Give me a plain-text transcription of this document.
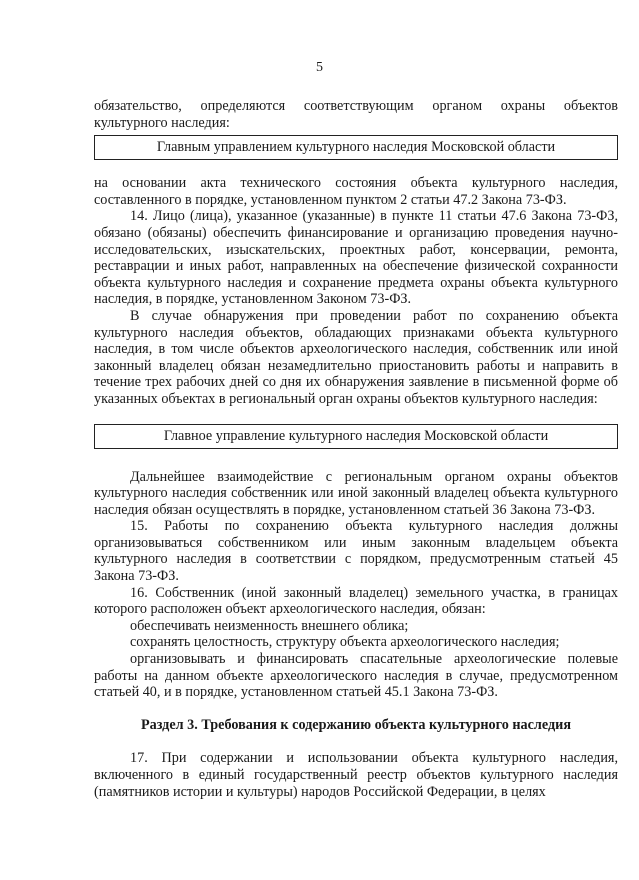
5

обязательство, определяются соответствующим органом охраны объектов культурного наследия:

Главным управлением культурного наследия Московской области

на основании акта технического состояния объекта культурного наследия, составленного в порядке, установленном пунктом 2 статьи 47.2 Закона 73-ФЗ.

14. Лицо (лица), указанное (указанные) в пункте 11 статьи 47.6 Закона 73-ФЗ, обязано (обязаны) обеспечить финансирование и организацию проведения научно-исследовательских, изыскательских, проектных работ, консервации, ремонта, реставрации и иных работ, направленных на обеспечение физической сохранности объекта культурного наследия и сохранение предмета охраны объекта культурного наследия, в порядке, установленном Законом 73-ФЗ.

В случае обнаружения при проведении работ по сохранению объекта культурного наследия объектов, обладающих признаками объекта культурного наследия, в том числе объектов археологического наследия, собственник или иной законный владелец обязан незамедлительно приостановить работы и направить в течение трех рабочих дней со дня их обнаружения заявление в письменной форме об указанных объектах в региональный орган охраны объектов культурного наследия:

Главное управление культурного наследия Московской области

Дальнейшее взаимодействие с региональным органом охраны объектов культурного наследия собственник или иной законный владелец объекта культурного наследия обязан осуществлять в порядке, установленном статьей 36 Закона 73-ФЗ.

15. Работы по сохранению объекта культурного наследия должны организовываться собственником или иным законным владельцем объекта культурного наследия в соответствии с порядком, предусмотренным статьей 45 Закона 73-ФЗ.

16. Собственник (иной законный владелец) земельного участка, в границах которого расположен объект археологического наследия, обязан:

обеспечивать неизменность внешнего облика;

сохранять целостность, структуру объекта археологического наследия;

организовывать и финансировать спасательные археологические полевые работы на данном объекте археологического наследия в случае, предусмотренном статьей 40, и в порядке, установленном статьей 45.1 Закона 73-ФЗ.

Раздел 3. Требования к содержанию объекта культурного наследия

17. При содержании и использовании объекта культурного наследия, включенного в единый государственный реестр объектов культурного наследия (памятников истории и культуры) народов Российской Федерации, в целях
